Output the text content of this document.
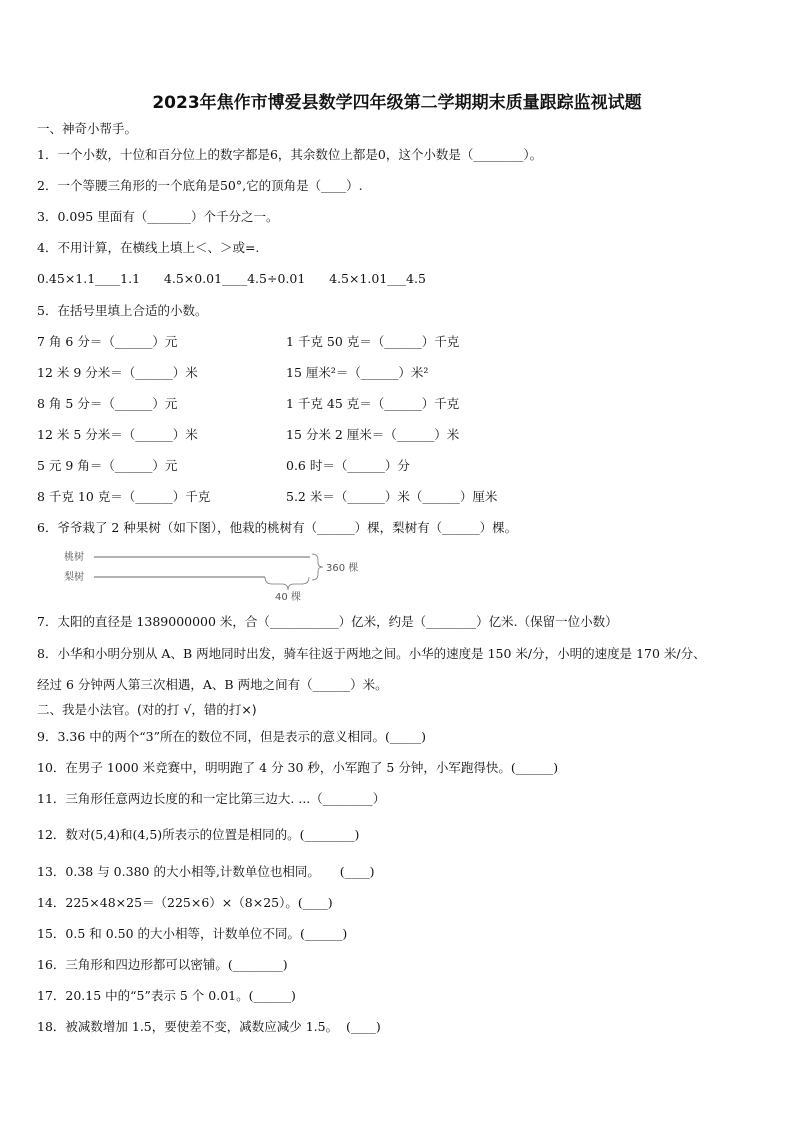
2023年焦作市博爱县数学四年级第二学期期末质量跟踪监视试题
一、神奇小帮手。
1．一个小数，十位和百分位上的数字都是6，其余数位上都是0，这个小数是（________）。
2．一个等腰三角形的一个底角是50°,它的顶角是（____）.
3．0.095 里面有（_______）个千分之一。
4．不用计算，在横线上填上＜、＞或=.
0.45×1.1____1.1      4.5×0.01____4.5÷0.01      4.5×1.01___4.5
5．在括号里填上合适的小数。
7 角 6 分＝（______）元	1 千克 50 克＝（______）千克
12 米 9 分米＝（______）米	15 厘米²＝（______）米²
8 角 5 分＝（______）元	1 千克 45 克＝（______）千克
12 米 5 分米＝（______）米	15 分米 2 厘米＝（______）米
5 元 9 角＝（______）元	0.6 时＝（______）分
8 千克 10 克＝（______）千克	5.2 米＝（______）米（______）厘米
6．爷爷栽了 2 种果树（如下图），他栽的桃树有（______）棵，梨树有（______）棵。
桃树
梨树
360 棵
40 棵
7．太阳的直径是 1389000000 米，合（___________）亿米，约是（________）亿米.（保留一位小数）
8．小华和小明分别从 A、B 两地同时出发，骑车往返于两地之间。小华的速度是 150 米/分，小明的速度是 170 米/分、
经过 6 分钟两人第三次相遇，A、B 两地之间有（______）米。
二、我是小法官。(对的打 √，错的打×)
9．3.36 中的两个“3”所在的数位不同，但是表示的意义相同。(_____)
10．在男子 1000 米竞赛中，明明跑了 4 分 30 秒，小军跑了 5 分钟，小军跑得快。(______)
11．三角形任意两边长度的和一定比第三边大. ...（________）
12．数对(5,4)和(4,5)所表示的位置是相同的。(________)
13．0.38 与 0.380 的大小相等,计数单位也相同。     (____)
14．225×48×25＝（225×6）×（8×25）。(____)
15．0.5 和 0.50 的大小相等，计数单位不同。(______)
16．三角形和四边形都可以密铺。(________)
17．20.15 中的“5”表示 5 个 0.01。(______)
18．被减数增加 1.5，要使差不变，减数应减少 1.5。  (____)
